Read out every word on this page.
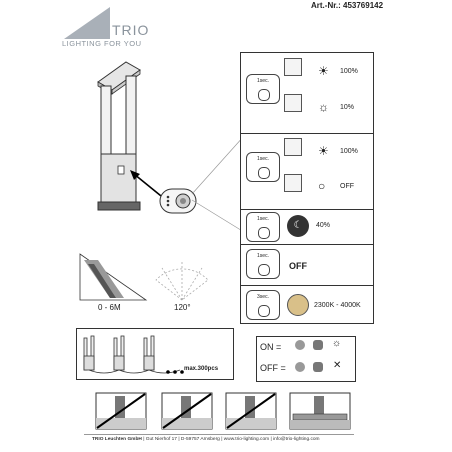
TRIO
LIGHTING FOR YOU
Art.-Nr.: 453769142
1sec.
☀
☼
100%
10%
1sec.
☀
○
100%
OFF
1sec.
☾	40%
1sec.
OFF
3sec.
2300K - 4000K
0 - 6M	120°
max.300pcs
ON =
OFF =
☼
✕
TRIO Leuchten GmbH | Gut Nierhof 17 | D-59757 Arnsberg | www.trio-lighting.com | info@trio-lighting.com
